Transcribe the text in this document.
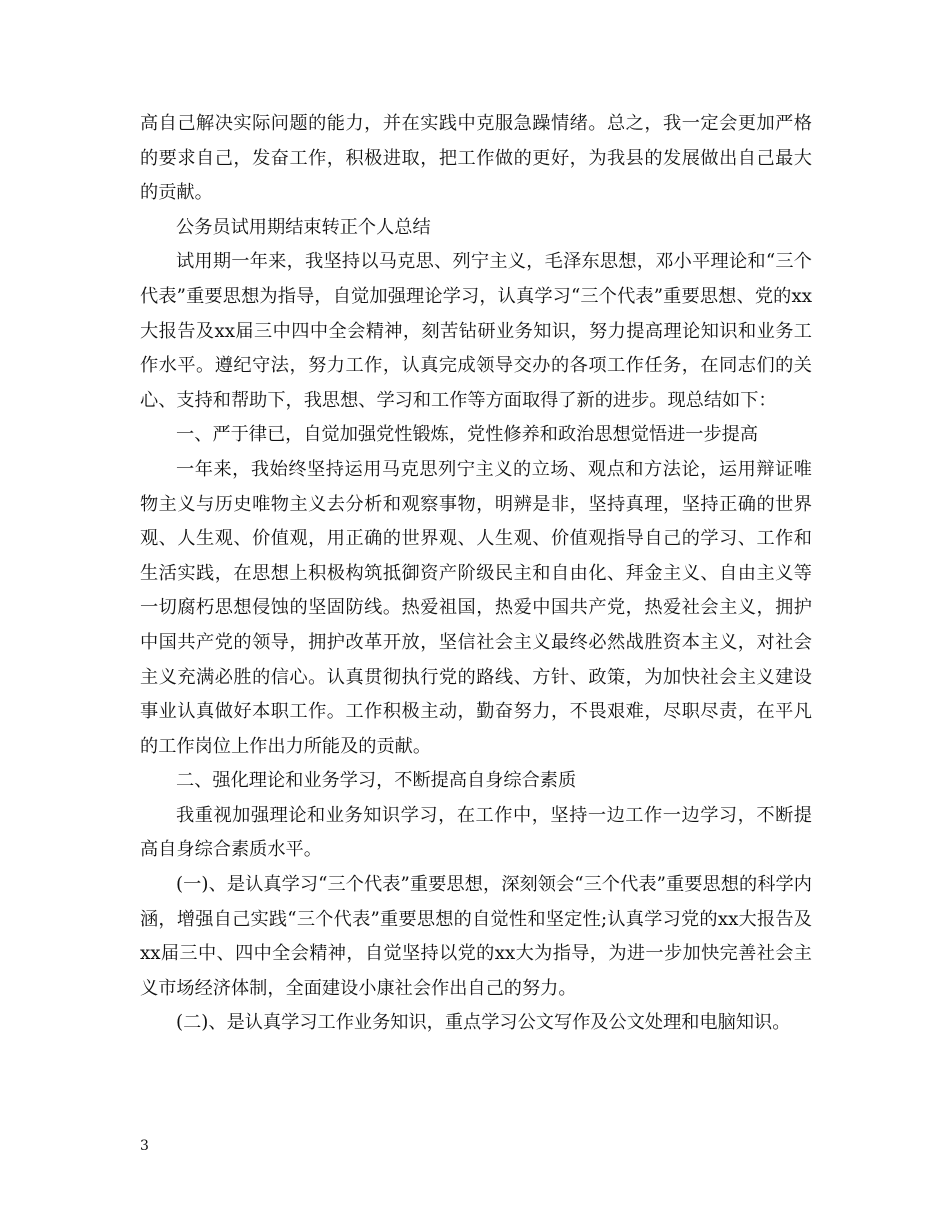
高自己解决实际问题的能力，并在实践中克服急躁情绪。总之，我一定会更加严格的要求自己，发奋工作，积极进取，把工作做的更好，为我县的发展做出自己最大的贡献。

公务员试用期结束转正个人总结

试用期一年来，我坚持以马克思、列宁主义，毛泽东思想，邓小平理论和“三个代表”重要思想为指导，自觉加强理论学习，认真学习“三个代表”重要思想、党的xx大报告及xx届三中四中全会精神，刻苦钻研业务知识，努力提高理论知识和业务工作水平。遵纪守法，努力工作，认真完成领导交办的各项工作任务，在同志们的关心、支持和帮助下，我思想、学习和工作等方面取得了新的进步。现总结如下：

一、严于律已，自觉加强党性锻炼，党性修养和政治思想觉悟进一步提高

一年来，我始终坚持运用马克思列宁主义的立场、观点和方法论，运用辩证唯物主义与历史唯物主义去分析和观察事物，明辨是非，坚持真理，坚持正确的世界观、人生观、价值观，用正确的世界观、人生观、价值观指导自己的学习、工作和生活实践，在思想上积极构筑抵御资产阶级民主和自由化、拜金主义、自由主义等一切腐朽思想侵蚀的坚固防线。热爱祖国，热爱中国共产党，热爱社会主义，拥护中国共产党的领导，拥护改革开放，坚信社会主义最终必然战胜资本主义，对社会主义充满必胜的信心。认真贯彻执行党的路线、方针、政策，为加快社会主义建设事业认真做好本职工作。工作积极主动，勤奋努力，不畏艰难，尽职尽责，在平凡的工作岗位上作出力所能及的贡献。

二、强化理论和业务学习，不断提高自身综合素质

我重视加强理论和业务知识学习，在工作中，坚持一边工作一边学习，不断提高自身综合素质水平。

(一)、是认真学习“三个代表”重要思想，深刻领会“三个代表”重要思想的科学内涵，增强自己实践“三个代表”重要思想的自觉性和坚定性;认真学习党的xx大报告及xx届三中、四中全会精神，自觉坚持以党的xx大为指导，为进一步加快完善社会主义市场经济体制，全面建设小康社会作出自己的努力。

(二)、是认真学习工作业务知识，重点学习公文写作及公文处理和电脑知识。

3
